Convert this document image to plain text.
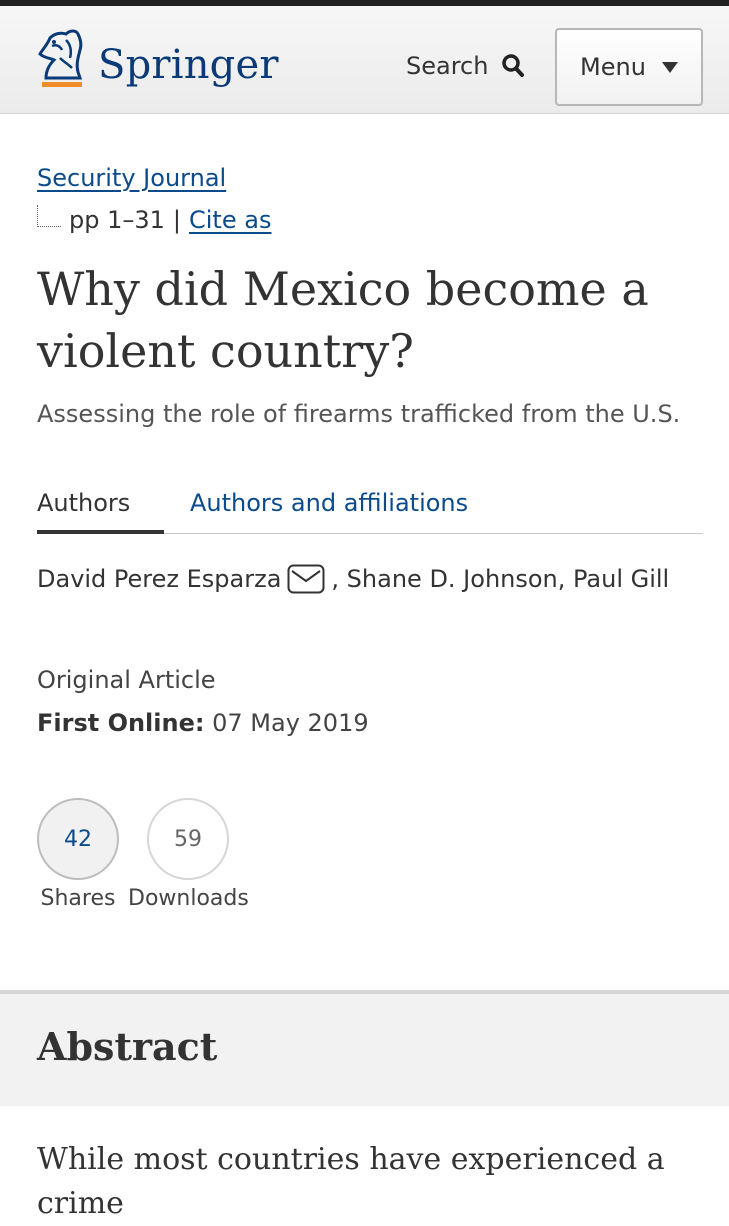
Springer	Search	Menu
Security Journal
pp 1–31 | Cite as
Why did Mexico become a violent country?

Assessing the role of firearms trafficked from the U.S.

Authors	Authors and affiliations
David Perez Esparza , Shane D. Johnson, Paul Gill
Original Article
First Online: 07 May 2019
42	59
Shares Downloads
Abstract

While most countries have experienced a crime
